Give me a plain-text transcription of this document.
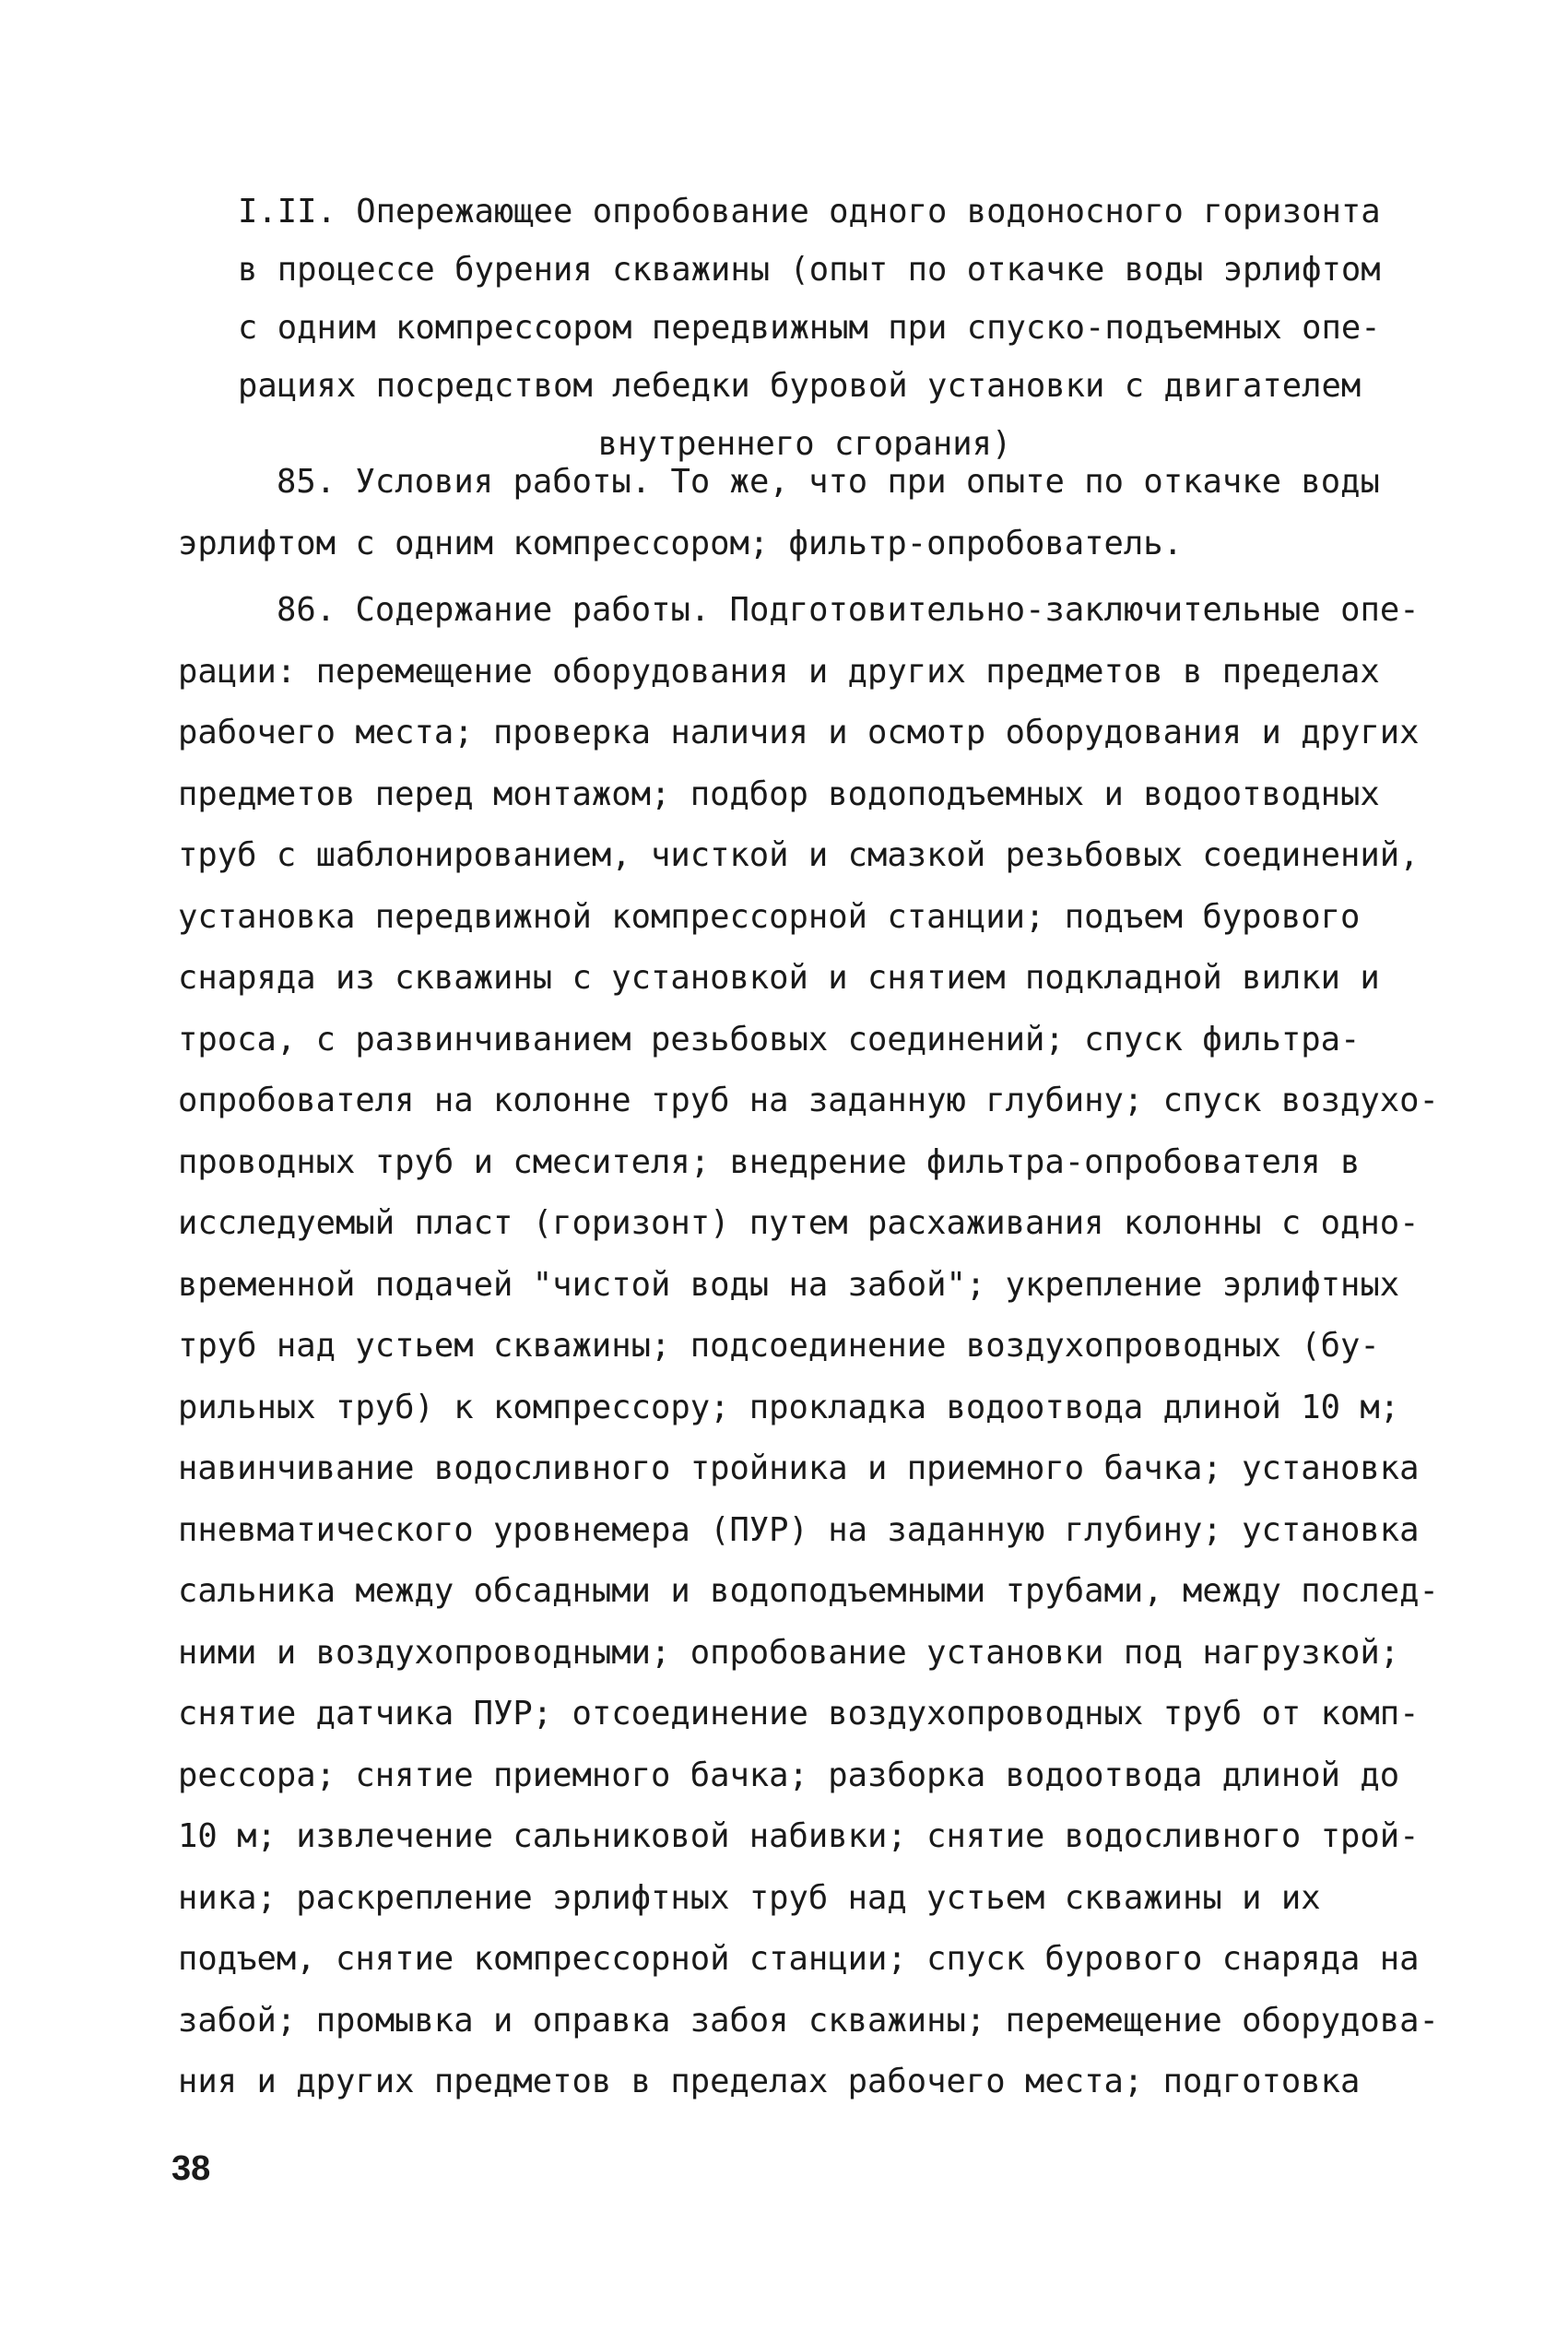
I.II. Опережающее опробование одного водоносного горизонта
в процессе бурения скважины (опыт по откачке воды эрлифтом
с одним компрессором передвижным при спуско-подъемных опе-
рациях посредством лебедки буровой установки с двигателем
внутреннего сгорания)
85. Условия работы. То же, что при опыте по откачке воды
эрлифтом с одним компрессором; фильтр-опробователь.
86. Содержание работы. Подготовительно-заключительные опе-
рации: перемещение оборудования и других предметов в пределах
рабочего места; проверка наличия и осмотр оборудования и других
предметов перед монтажом; подбор водоподъемных и водоотводных
труб с шаблонированием, чисткой и смазкой резьбовых соединений,
установка передвижной компрессорной станции; подъем бурового
снаряда из скважины с установкой и снятием подкладной вилки и
троса, с развинчиванием резьбовых соединений; спуск фильтра-
опробователя на колонне труб на заданную глубину; спуск воздухо-
проводных труб и смесителя; внедрение фильтра-опробователя в
исследуемый пласт (горизонт) путем расхаживания колонны с одно-
временной подачей "чистой воды на забой"; укрепление эрлифтных
труб над устьем скважины; подсоединение воздухопроводных (бу-
рильных труб) к компрессору; прокладка водоотвода длиной 10 м;
навинчивание водосливного тройника и приемного бачка; установка
пневматического уровнемера (ПУР) на заданную глубину; установка
сальника между обсадными и водоподъемными трубами, между послед-
ними и воздухопроводными; опробование установки под нагрузкой;
снятие датчика ПУР; отсоединение воздухопроводных труб от комп-
рессора; снятие приемного бачка; разборка водоотвода длиной до
10 м; извлечение сальниковой набивки; снятие водосливного трой-
ника; раскрепление эрлифтных труб над устьем скважины и их
подъем, снятие компрессорной станции; спуск бурового снаряда на
забой; промывка и оправка забоя скважины; перемещение оборудова-
ния и других предметов в пределах рабочего места; подготовка
38
